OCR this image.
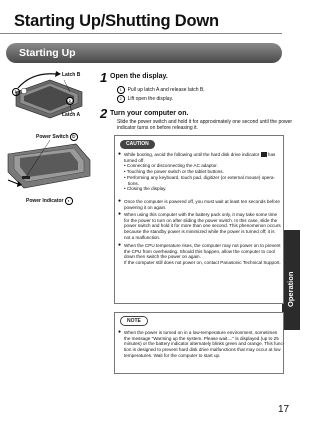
Starting Up/Shutting Down
Starting Up
Operation
1
2
Latch B
Latch A
Power Switch ⏻
Power Indicator ◐
1 Open the display.
1	Pull up latch A and release latch B.
2	Lift open the display.
2 Turn your computer on.
Slide the power switch and hold it for approximately one second until the power
indicator turns on before releasing it.
CAUTION
● While booting, avoid the following until the hard disk drive indicator has
turned off.
• Connecting or disconnecting the AC adaptor.
• Touching the power switch or the tablet buttons.
• Performing any keyboard, touch pad, digitizer (or external mouse) opera-
tions.
• Closing the display.
● Once the computer is powered off, you must wait at least ten seconds before
powering it on again.
● When using this computer with the battery pack only, it may take some time
for the power to turn on after sliding the power switch. In this case, slide the
power switch and hold it for more than one second. This phenomenon occurs
because the standby power is minimized while the power is turned off; it is
not a malfunction.
● When the CPU temperature rises, the computer may not power on to prevent
the CPU from overheating. Should this happen, allow the computer to cool
down then switch the power on again.
If the computer still does not power on, contact Panasonic Technical Support.
NOTE
● When the power is turned on in a low-temperature environment, sometimes
the message "Warming up the system. Please wait...." is displayed (up to 25
minutes) or the battery indicator alternately blinks green and orange. This func-
tion is designed to prevent hard disk drive malfunctions that may occur at low
temperatures. Wait for the computer to start up.
17
